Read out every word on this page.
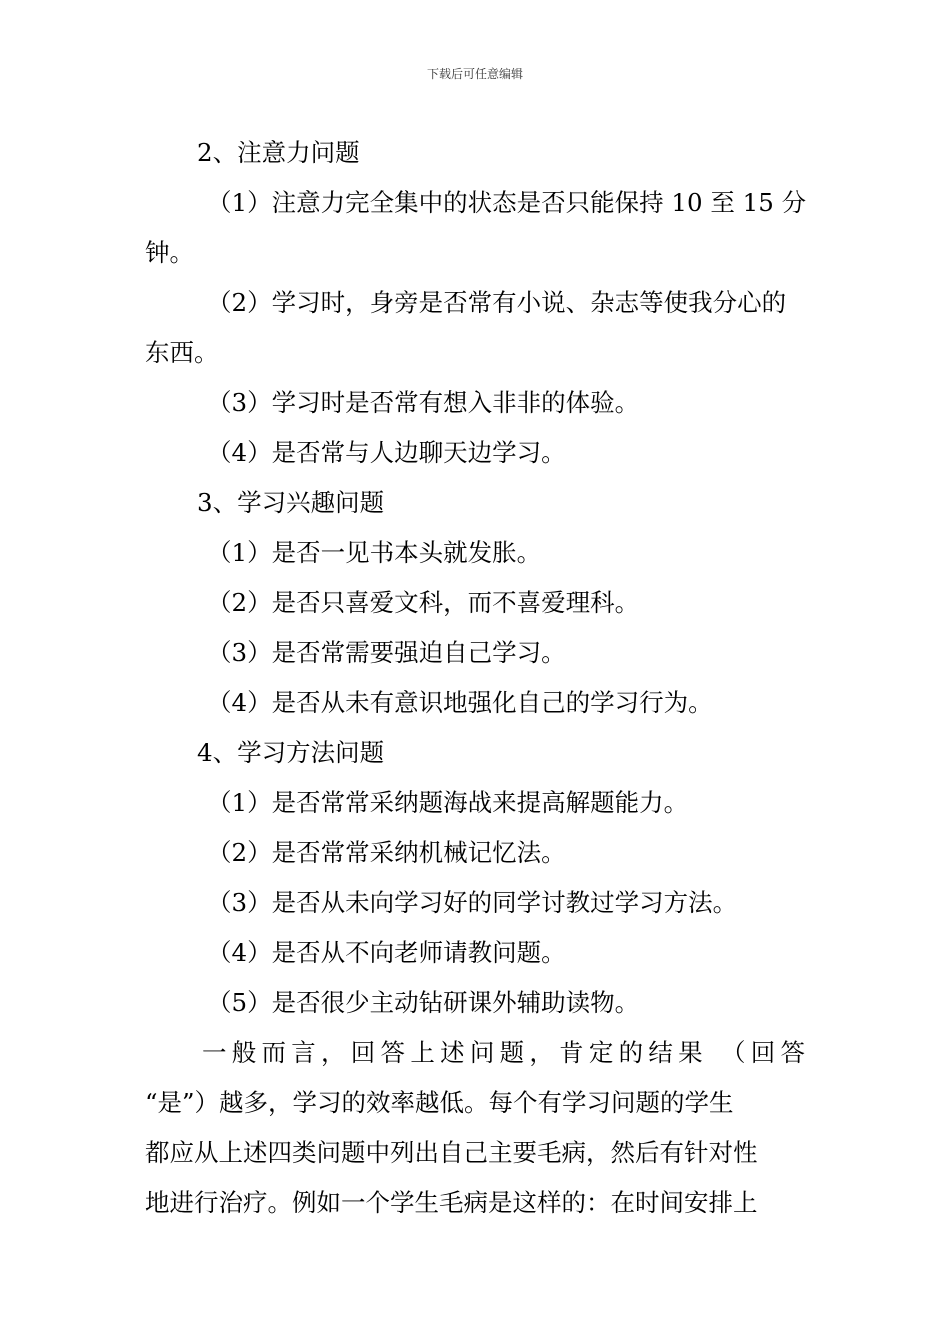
下载后可任意编辑
2、注意力问题
（1）注意力完全集中的状态是否只能保持 10 至 15 分
钟。
（2）学习时，身旁是否常有小说、杂志等使我分心的
东西。
（3）学习时是否常有想入非非的体验。
（4）是否常与人边聊天边学习。
3、学习兴趣问题
（1）是否一见书本头就发胀。
（2）是否只喜爱文科，而不喜爱理科。
（3）是否常需要强迫自己学习。
（4）是否从未有意识地强化自己的学习行为。
4、学习方法问题
（1）是否常常采纳题海战来提高解题能力。
（2）是否常常采纳机械记忆法。
（3）是否从未向学习好的同学讨教过学习方法。
（4）是否从不向老师请教问题。
（5）是否很少主动钻研课外辅助读物。
一般而言，回答上述问题，肯定的结果 （回答
“是”）越多，学习的效率越低。每个有学习问题的学生
都应从上述四类问题中列出自己主要毛病，然后有针对性
地进行治疗。例如一个学生毛病是这样的：在时间安排上
